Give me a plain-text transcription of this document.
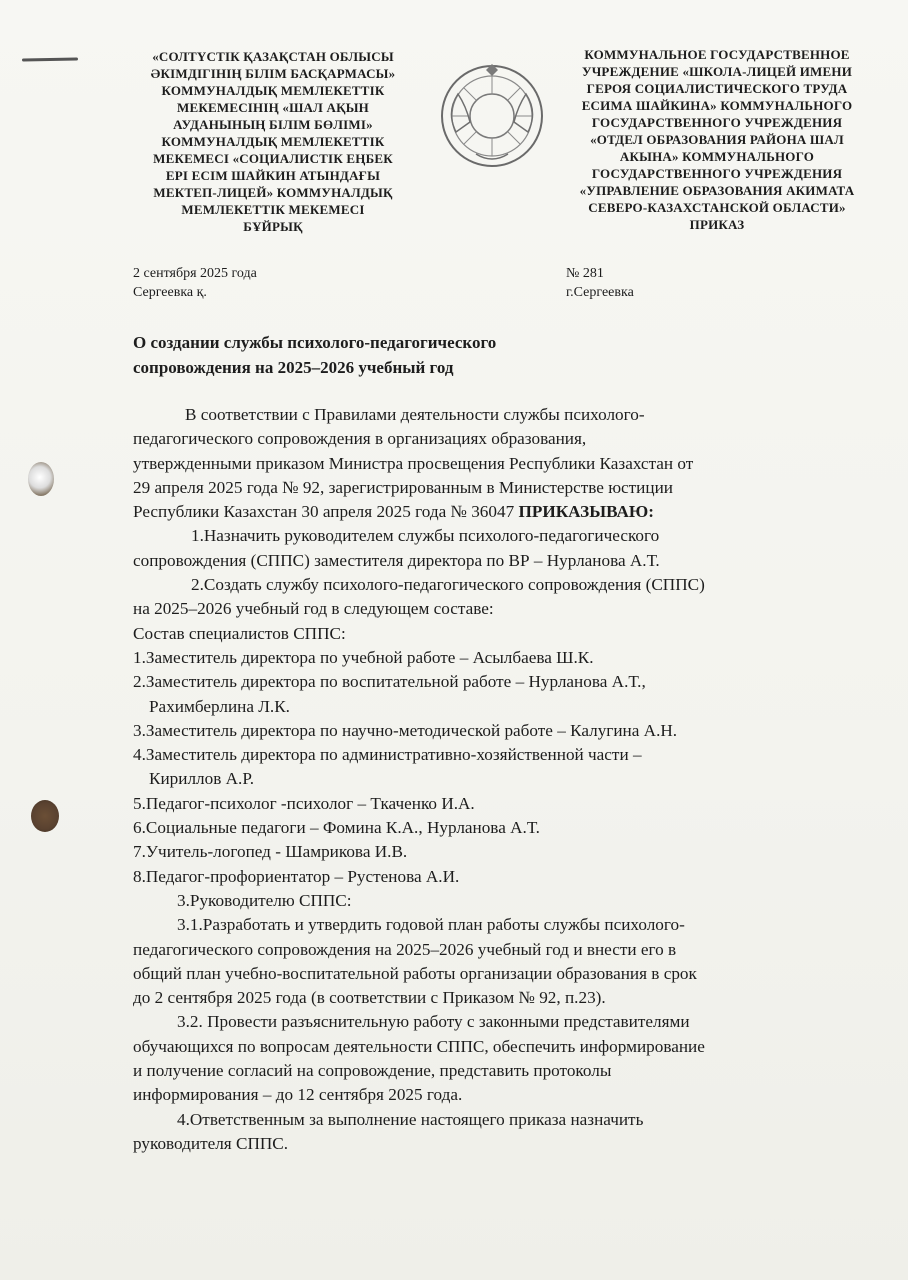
«СОЛТҮСТІК ҚАЗАҚСТАН ОБЛЫСЫ
ӘКІМДІГІНІҢ БІЛІМ БАСҚАРМАСЫ»
КОММУНАЛДЫҚ МЕМЛЕКЕТТІК
МЕКЕМЕСІНІҢ «ШАЛ АҚЫН
АУДАНЫНЫҢ БІЛІМ БӨЛІМІ»
КОММУНАЛДЫҚ МЕМЛЕКЕТТІК
МЕКЕМЕСІ «СОЦИАЛИСТІК ЕҢБЕК
ЕРІ ЕСІМ ШАЙКИН АТЫНДАҒЫ
МЕКТЕП-ЛИЦЕЙ» КОММУНАЛДЫҚ
МЕМЛЕКЕТТІК МЕКЕМЕСІ
БҰЙРЫҚ
КОММУНАЛЬНОЕ ГОСУДАРСТВЕННОЕ
УЧРЕЖДЕНИЕ «ШКОЛА-ЛИЦЕЙ ИМЕНИ
ГЕРОЯ СОЦИАЛИСТИЧЕСКОГО ТРУДА
ЕСИМА ШАЙКИНА» КОММУНАЛЬНОГО
ГОСУДАРСТВЕННОГО УЧРЕЖДЕНИЯ
«ОТДЕЛ ОБРАЗОВАНИЯ РАЙОНА ШАЛ
АКЫНА» КОММУНАЛЬНОГО
ГОСУДАРСТВЕННОГО УЧРЕЖДЕНИЯ
«УПРАВЛЕНИЕ ОБРАЗОВАНИЯ АКИМАТА
СЕВЕРО-КАЗАХСТАНСКОЙ ОБЛАСТИ»
ПРИКАЗ
2 сентября 2025 года
Сергеевка қ.
№ 281
г.Сергеевка
О создании службы психолого-педагогического
сопровождения на 2025–2026 учебный год
В соответствии с Правилами деятельности службы психолого-
педагогического сопровождения в организациях образования,
утвержденными приказом Министра просвещения Республики Казахстан от
29 апреля 2025 года № 92, зарегистрированным в Министерстве юстиции
Республики Казахстан 30 апреля 2025 года № 36047 ПРИКАЗЫВАЮ:
1.Назначить руководителем службы психолого-педагогического
сопровождения (СППС) заместителя директора по ВР – Нурланова А.Т.
2.Создать службу психолого-педагогического сопровождения (СППС)
на 2025–2026 учебный год в следующем составе:
Состав специалистов СППС:
1.Заместитель директора по учебной работе – Асылбаева Ш.К.
2.Заместитель директора по воспитательной работе – Нурланова А.Т.,
Рахимберлина Л.К.
3.Заместитель директора по научно-методической работе – Калугина А.Н.
4.Заместитель директора по административно-хозяйственной части –
Кириллов А.Р.
5.Педагог-психолог -психолог – Ткаченко И.А.
6.Социальные педагоги – Фомина К.А., Нурланова А.Т.
7.Учитель-логопед - Шамрикова И.В.
8.Педагог-профориентатор – Рустенова А.И.
3.Руководителю СППС:
3.1.Разработать и утвердить годовой план работы службы психолого-
педагогического сопровождения на 2025–2026 учебный год и внести его в
общий план учебно-воспитательной работы организации образования в срок
до 2 сентября 2025 года (в соответствии с Приказом № 92, п.23).
3.2. Провести разъяснительную работу с законными представителями
обучающихся по вопросам деятельности СППС, обеспечить информирование
и получение согласий на сопровождение, представить протоколы
информирования – до 12 сентября 2025 года.
4.Ответственным за выполнение настоящего приказа назначить
руководителя СППС.
